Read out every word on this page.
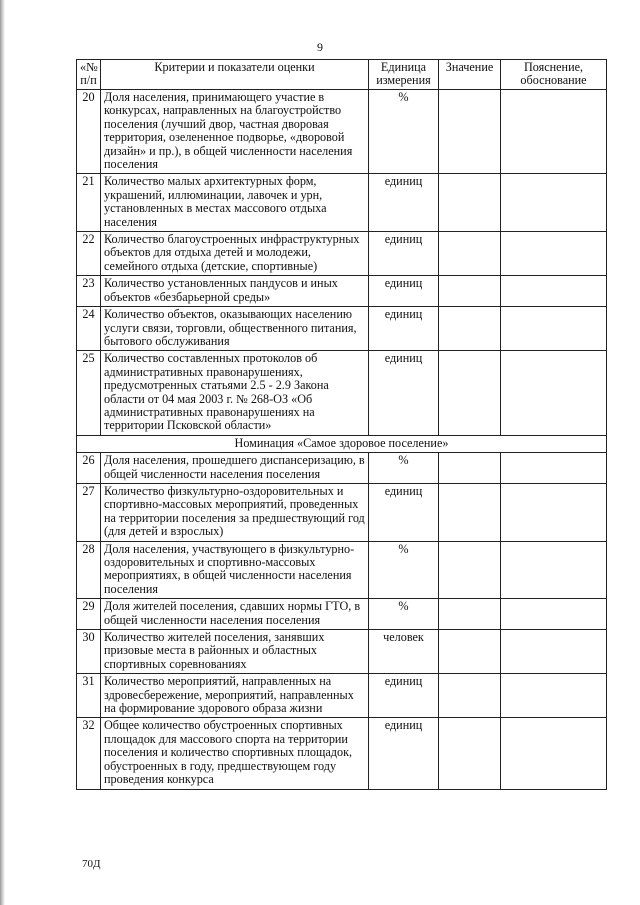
9
«№ п/п	Критерии и показатели оценки	Единица измерения	Значение	Пояснение, обоснование
20	Доля населения, принимающего участие в конкурсах, направленных на благоустройство поселения (лучший двор, частная дворовая территория, озелененное подворье, «дворовой дизайн» и пр.), в общей численности населения поселения	%		
21	Количество малых архитектурных форм, украшений, иллюминации, лавочек и урн, установленных в местах массового отдыха населения	единиц		
22	Количество благоустроенных инфраструктурных объектов для отдыха детей и молодежи, семейного отдыха (детские, спортивные)	единиц		
23	Количество установленных пандусов и иных объектов «безбарьерной среды»	единиц		
24	Количество объектов, оказывающих населению услуги связи, торговли, общественного питания, бытового обслуживания	единиц		
25	Количество составленных протоколов об административных правонарушениях, предусмотренных статьями 2.5 - 2.9 Закона области от 04 мая 2003 г. № 268-ОЗ «Об административных правонарушениях на территории Псковской области»	единиц		
Номинация «Самое здоровое поселение»				
26	Доля населения, прошедшего диспансеризацию, в общей численности населения поселения	%		
27	Количество физкультурно-оздоровительных и спортивно-массовых мероприятий, проведенных на территории поселения за предшествующий год (для детей и взрослых)	единиц		
28	Доля населения, участвующего в физкультурно-оздоровительных и спортивно-массовых мероприятиях, в общей численности населения поселения	%		
29	Доля жителей поселения, сдавших нормы ГТО, в общей численности населения поселения	%		
30	Количество жителей поселения, занявших призовые места в районных и областных спортивных соревнованиях	человек		
31	Количество мероприятий, направленных на здровесбережение, мероприятий, направленных на формирование здорового образа жизни	единиц		
32	Общее количество обустроенных спортивных площадок для массового спорта на территории поселения и количество спортивных площадок, обустроенных в году, предшествующем году проведения конкурса	единиц		
70Д
